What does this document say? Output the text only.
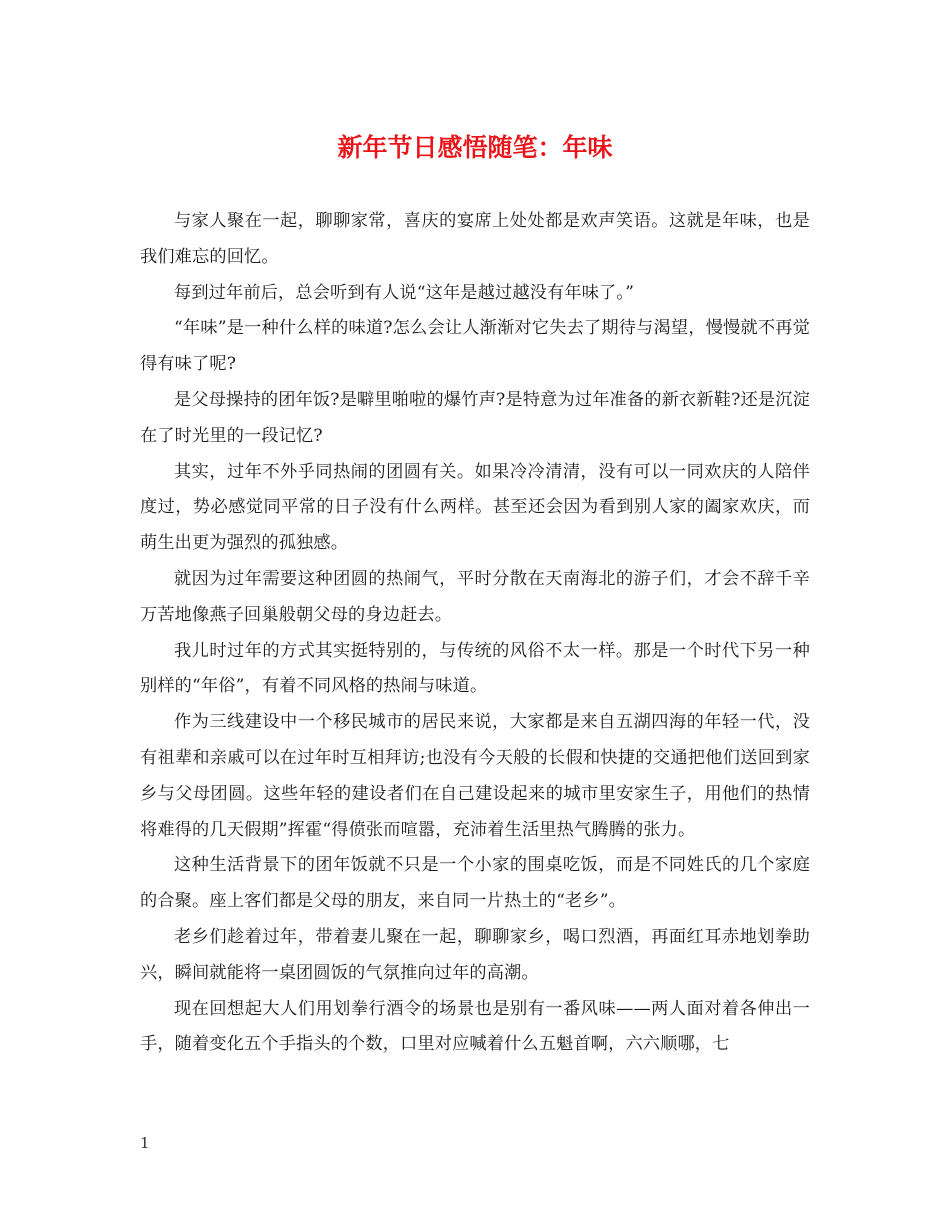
新年节日感悟随笔：年味

与家人聚在一起，聊聊家常，喜庆的宴席上处处都是欢声笑语。这就是年味，也是我们难忘的回忆。

每到过年前后，总会听到有人说“这年是越过越没有年味了。”

“年味”是一种什么样的味道?怎么会让人渐渐对它失去了期待与渴望，慢慢就不再觉得有味了呢?

是父母操持的团年饭?是噼里啪啦的爆竹声?是特意为过年准备的新衣新鞋?还是沉淀在了时光里的一段记忆?

其实，过年不外乎同热闹的团圆有关。如果冷冷清清，没有可以一同欢庆的人陪伴度过，势必感觉同平常的日子没有什么两样。甚至还会因为看到别人家的阖家欢庆，而萌生出更为强烈的孤独感。

就因为过年需要这种团圆的热闹气，平时分散在天南海北的游子们，才会不辞千辛万苦地像燕子回巢般朝父母的身边赶去。

我儿时过年的方式其实挺特别的，与传统的风俗不太一样。那是一个时代下另一种别样的“年俗”，有着不同风格的热闹与味道。

作为三线建设中一个移民城市的居民来说，大家都是来自五湖四海的年轻一代，没有祖辈和亲戚可以在过年时互相拜访;也没有今天般的长假和快捷的交通把他们送回到家乡与父母团圆。这些年轻的建设者们在自己建设起来的城市里安家生子，用他们的热情将难得的几天假期”挥霍“得偾张而喧嚣，充沛着生活里热气腾腾的张力。

这种生活背景下的团年饭就不只是一个小家的围桌吃饭，而是不同姓氏的几个家庭的合聚。座上客们都是父母的朋友，来自同一片热土的“老乡”。

老乡们趁着过年，带着妻儿聚在一起，聊聊家乡，喝口烈酒，再面红耳赤地划拳助兴，瞬间就能将一桌团圆饭的气氛推向过年的高潮。

现在回想起大人们用划拳行酒令的场景也是别有一番风味——两人面对着各伸出一手，随着变化五个手指头的个数，口里对应喊着什么五魁首啊，六六顺哪，七

1
